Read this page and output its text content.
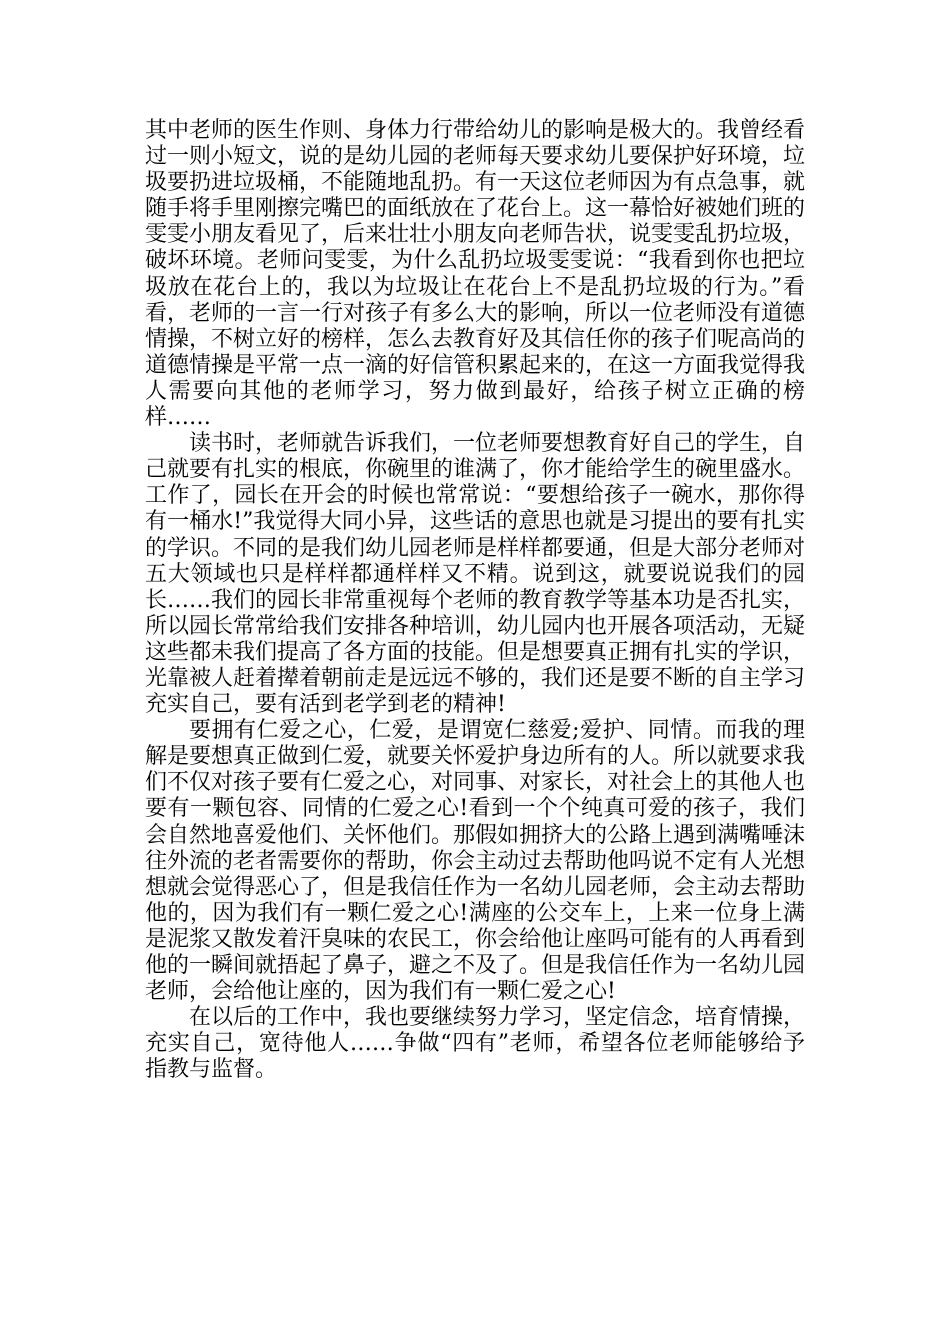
其中老师的医生作则、身体力行带给幼儿的影响是极大的。我曾经看过一则小短文，说的是幼儿园的老师每天要求幼儿要保护好环境，垃圾要扔进垃圾桶，不能随地乱扔。有一天这位老师因为有点急事，就随手将手里刚擦完嘴巴的面纸放在了花台上。这一幕恰好被她们班的雯雯小朋友看见了，后来壮壮小朋友向老师告状，说雯雯乱扔垃圾，破坏环境。老师问雯雯，为什么乱扔垃圾雯雯说：“我看到你也把垃圾放在花台上的，我以为垃圾让在花台上不是乱扔垃圾的行为。”看看，老师的一言一行对孩子有多么大的影响，所以一位老师没有道德情操，不树立好的榜样，怎么去教育好及其信任你的孩子们呢高尚的道德情操是平常一点一滴的好信管积累起来的，在这一方面我觉得我人需要向其他的老师学习，努力做到最好，给孩子树立正确的榜样……

读书时，老师就告诉我们，一位老师要想教育好自己的学生，自己就要有扎实的根底，你碗里的谁满了，你才能给学生的碗里盛水。工作了，园长在开会的时候也常常说：“要想给孩子一碗水，那你得有一桶水!”我觉得大同小异，这些话的意思也就是习提出的要有扎实的学识。不同的是我们幼儿园老师是样样都要通，但是大部分老师对五大领域也只是样样都通样样又不精。说到这，就要说说我们的园长……我们的园长非常重视每个老师的教育教学等基本功是否扎实，所以园长常常给我们安排各种培训，幼儿园内也开展各项活动，无疑这些都未我们提高了各方面的技能。但是想要真正拥有扎实的学识，光靠被人赶着撵着朝前走是远远不够的，我们还是要不断的自主学习充实自己，要有活到老学到老的精神!

要拥有仁爱之心，仁爱，是谓宽仁慈爱;爱护、同情。而我的理解是要想真正做到仁爱，就要关怀爱护身边所有的人。所以就要求我们不仅对孩子要有仁爱之心，对同事、对家长，对社会上的其他人也要有一颗包容、同情的仁爱之心!看到一个个纯真可爱的孩子，我们会自然地喜爱他们、关怀他们。那假如拥挤大的公路上遇到满嘴唾沫往外流的老者需要你的帮助，你会主动过去帮助他吗说不定有人光想想就会觉得恶心了，但是我信任作为一名幼儿园老师，会主动去帮助他的，因为我们有一颗仁爱之心!满座的公交车上，上来一位身上满是泥浆又散发着汗臭味的农民工，你会给他让座吗可能有的人再看到他的一瞬间就捂起了鼻子，避之不及了。但是我信任作为一名幼儿园老师，会给他让座的，因为我们有一颗仁爱之心!

在以后的工作中，我也要继续努力学习，坚定信念，培育情操，充实自己，宽待他人……争做“四有”老师，希望各位老师能够给予指教与监督。
